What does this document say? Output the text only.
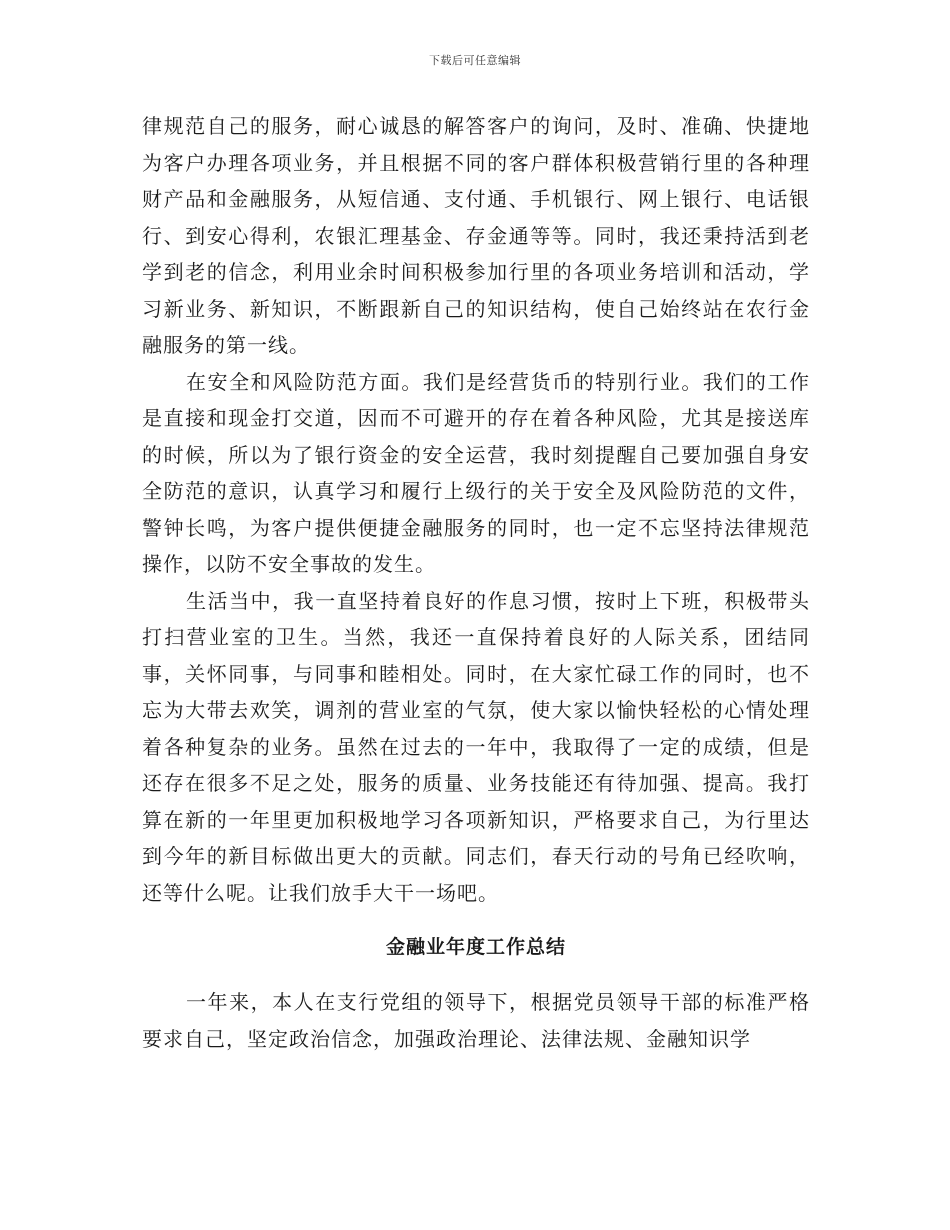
下载后可任意编辑

律规范自己的服务，耐心诚恳的解答客户的询问，及时、准确、快捷地为客户办理各项业务，并且根据不同的客户群体积极营销行里的各种理财产品和金融服务，从短信通、支付通、手机银行、网上银行、电话银行、到安心得利，农银汇理基金、存金通等等。同时，我还秉持活到老学到老的信念，利用业余时间积极参加行里的各项业务培训和活动，学习新业务、新知识，不断跟新自己的知识结构，使自己始终站在农行金融服务的第一线。

在安全和风险防范方面。我们是经营货币的特别行业。我们的工作是直接和现金打交道，因而不可避开的存在着各种风险，尤其是接送库的时候，所以为了银行资金的安全运营，我时刻提醒自己要加强自身安全防范的意识，认真学习和履行上级行的关于安全及风险防范的文件，警钟长鸣，为客户提供便捷金融服务的同时，也一定不忘坚持法律规范操作，以防不安全事故的发生。

生活当中，我一直坚持着良好的作息习惯，按时上下班，积极带头打扫营业室的卫生。当然，我还一直保持着良好的人际关系，团结同事，关怀同事，与同事和睦相处。同时，在大家忙碌工作的同时，也不忘为大带去欢笑，调剂的营业室的气氛，使大家以愉快轻松的心情处理着各种复杂的业务。虽然在过去的一年中，我取得了一定的成绩，但是还存在很多不足之处，服务的质量、业务技能还有待加强、提高。我打算在新的一年里更加积极地学习各项新知识，严格要求自己，为行里达到今年的新目标做出更大的贡献。同志们，春天行动的号角已经吹响，还等什么呢。让我们放手大干一场吧。

金融业年度工作总结

一年来，本人在支行党组的领导下，根据党员领导干部的标准严格要求自己，坚定政治信念，加强政治理论、法律法规、金融知识学
